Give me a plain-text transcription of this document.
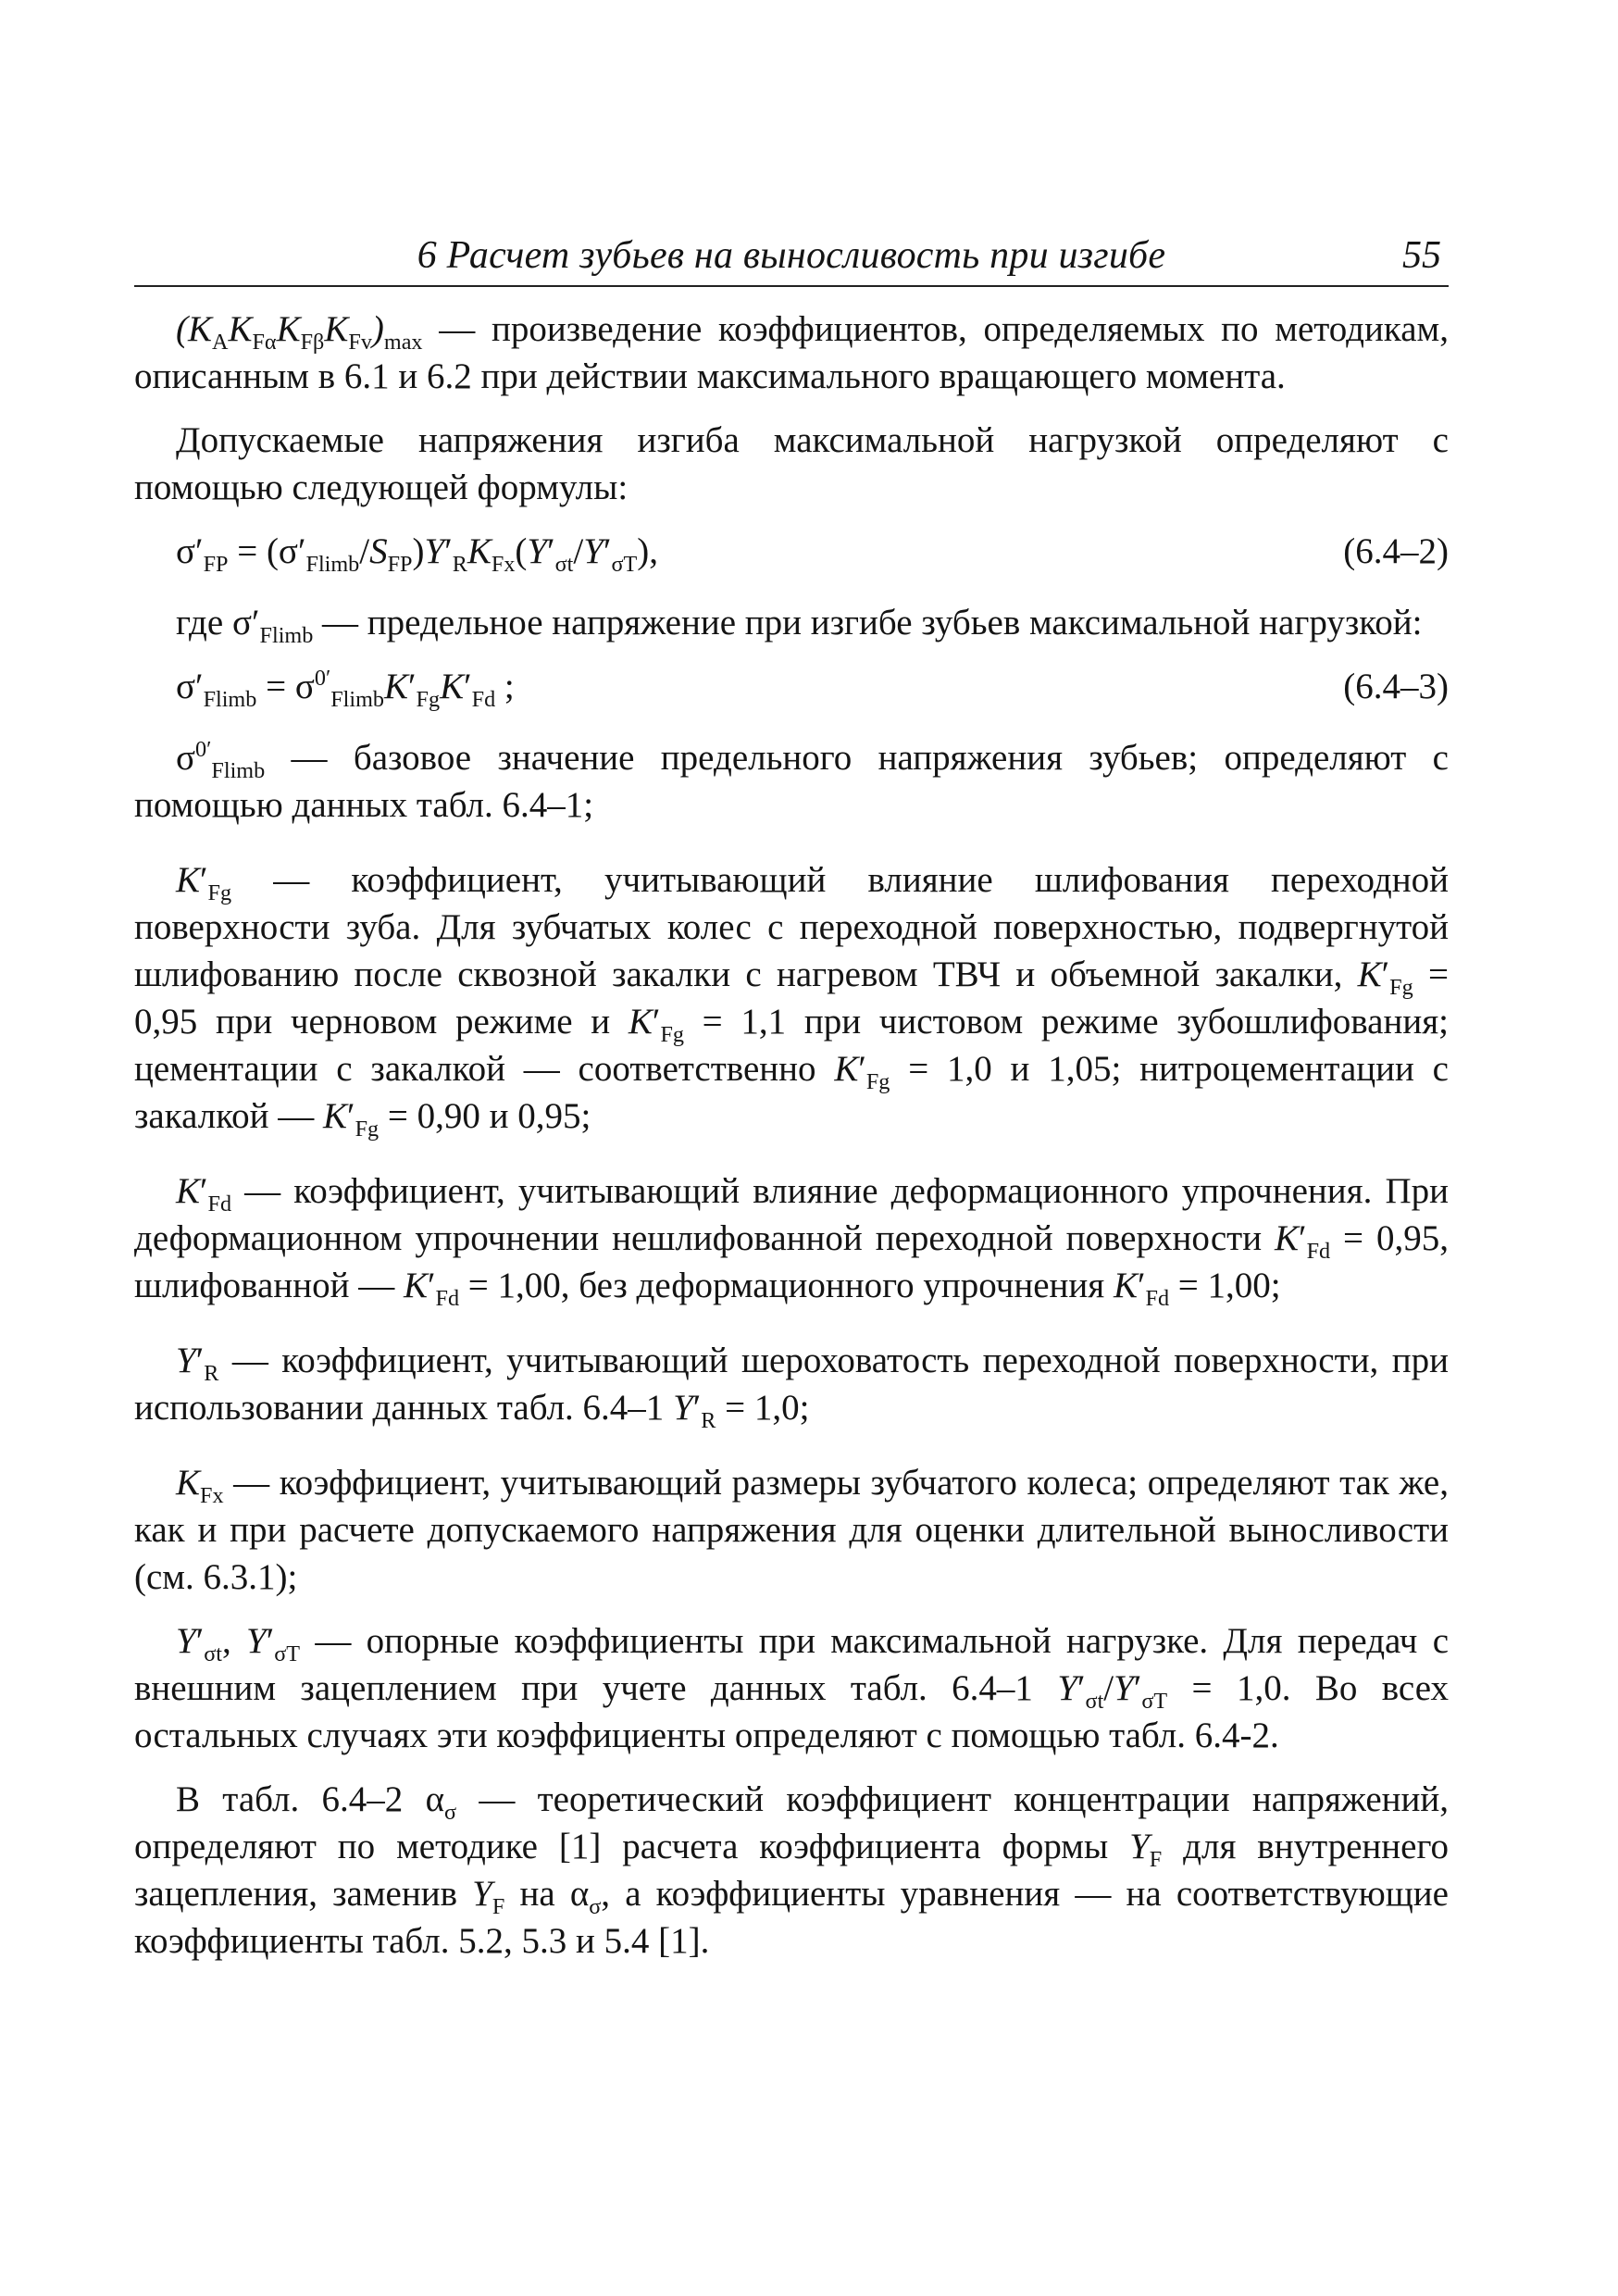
6 Расчет зубьев на выносливость при изгибе	55

$(K_AK_{F\alpha}K_{F\beta}K_{Fv})_{max}$ — произведение коэффициентов, определяемых по методикам, описанным в 6.1 и 6.2 при действии максимального вращающего момента.

Допускаемые напряжения изгиба максимальной нагрузкой определяют с помощью следующей формулы:

$\sigma'_{FP} = (\sigma'_{Flimb}/S_{FP})Y'_RK_{Fx}(Y'_{\sigma t}/Y'_{\sigma T})$,	(6.4–2)

где $\sigma'_{Flimb}$ — предельное напряжение при изгибе зубьев максимальной нагрузкой:

$\sigma'_{Flimb} = \sigma^{0'}_{Flimb}K'_{Fg}K'_{Fd}$ ;	(6.4–3)

$\sigma^{0'}_{Flimb}$ — базовое значение предельного напряжения зубьев; определяют с помощью данных табл. 6.4–1;

$K'_{Fg}$ — коэффициент, учитывающий влияние шлифования переходной поверхности зуба. Для зубчатых колес с переходной поверхностью, подвергнутой шлифованию после сквозной закалки с нагревом ТВЧ и объемной закалки, $K'_{Fg} = 0,95$ при черновом режиме и $K'_{Fg} = 1,1$ при чистовом режиме зубошлифования; цементации с закалкой — соответственно $K'_{Fg} = 1,0$ и 1,05; нитроцементации с закалкой — $K'_{Fg} = 0,90$ и 0,95;

$K'_{Fd}$ — коэффициент, учитывающий влияние деформационного упрочнения. При деформационном упрочнении нешлифованной переходной поверхности $K'_{Fd} = 0,95$, шлифованной — $K'_{Fd} = 1,00$, без деформационного упрочнения $K'_{Fd} = 1,00$;

$Y'_R$ — коэффициент, учитывающий шероховатость переходной поверхности, при использовании данных табл. 6.4–1 $Y'_R = 1,0$;

$K_{Fx}$ — коэффициент, учитывающий размеры зубчатого колеса; определяют так же, как и при расчете допускаемого напряжения для оценки длительной выносливости (см. 6.3.1);

$Y'_{\sigma t}$, $Y'_{\sigma T}$ — опорные коэффициенты при максимальной нагрузке. Для передач с внешним зацеплением при учете данных табл. 6.4–1 $Y'_{\sigma t}/Y'_{\sigma T} = 1,0$. Во всех остальных случаях эти коэффициенты определяют с помощью табл. 6.4-2.

В табл. 6.4–2 $\alpha_\sigma$ — теоретический коэффициент концентрации напряжений, определяют по методике [1] расчета коэффициента формы $Y_F$ для внутреннего зацепления, заменив $Y_F$ на $\alpha_\sigma$, а коэффициенты уравнения — на соответствующие коэффициенты табл. 5.2, 5.3 и 5.4 [1].
